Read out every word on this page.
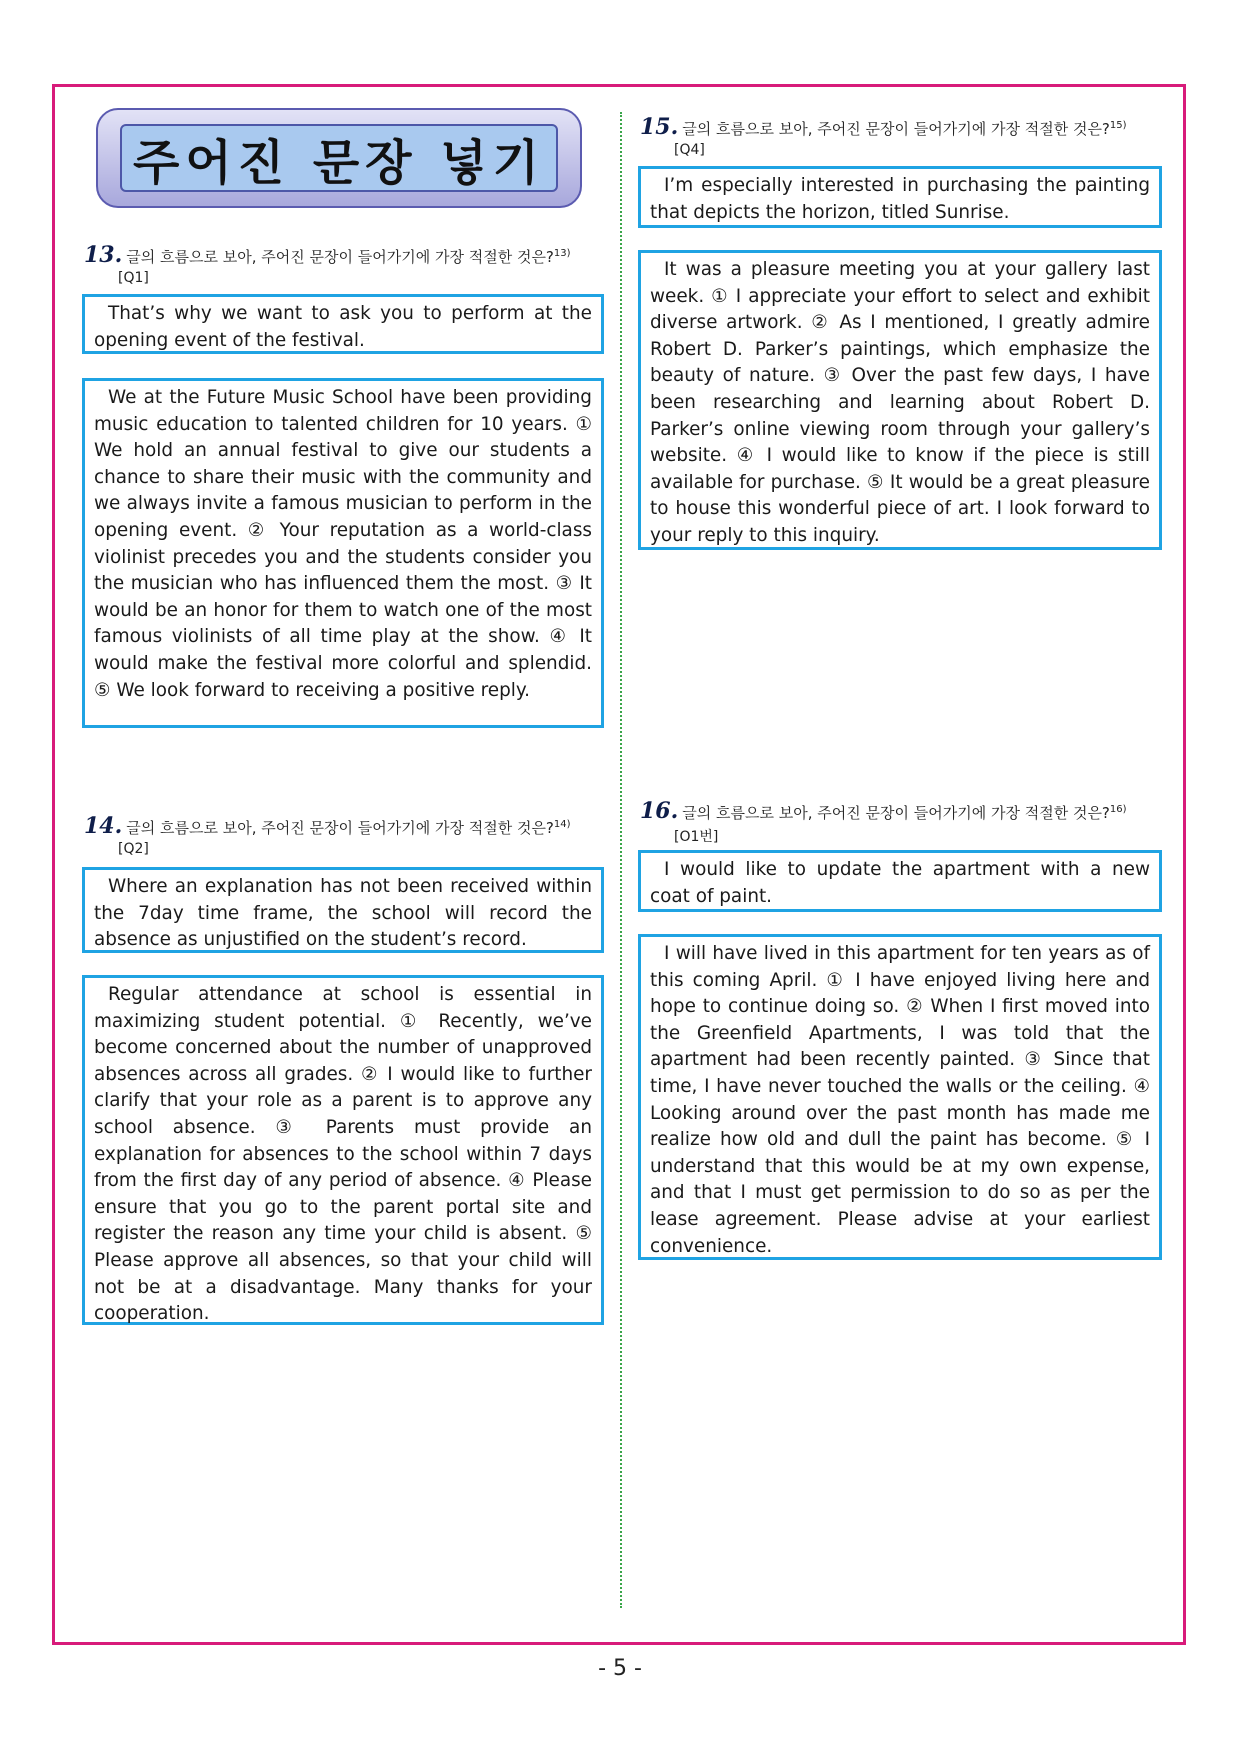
주어진 문장 넣기
13. 글의 흐름으로 보아, 주어진 문장이 들어가기에 가장 적절한 것은?$^{13)}$
[Q1]

That’s why we want to ask you to perform at the opening event of the festival.

We at the Future Music School have been providing music education to talented children for 10 years. ① We hold an annual festival to give our students a chance to share their music with the community and we always invite a famous musician to perform in the opening event. ② Your reputation as a world-class violinist precedes you and the students consider you the musician who has influenced them the most. ③ It would be an honor for them to watch one of the most famous violinists of all time play at the show. ④ It would make the festival more colorful and splendid. ⑤ We look forward to receiving a positive reply.

14. 글의 흐름으로 보아, 주어진 문장이 들어가기에 가장 적절한 것은?$^{14)}$
[Q2]

Where an explanation has not been received within the 7day time frame, the school will record the absence as unjustified on the student’s record.

Regular attendance at school is essential in maximizing student potential. ① Recently, we’ve become concerned about the number of unapproved absences across all grades. ② I would like to further clarify that your role as a parent is to approve any school absence. ③ Parents must provide an explanation for absences to the school within 7 days from the first day of any period of absence. ④ Please ensure that you go to the parent portal site and register the reason any time your child is absent. ⑤ Please approve all absences, so that your child will not be at a disadvantage. Many thanks for your cooperation.

15. 글의 흐름으로 보아, 주어진 문장이 들어가기에 가장 적절한 것은?$^{15)}$
[Q4]

I’m especially interested in purchasing the painting that depicts the horizon, titled Sunrise.

It was a pleasure meeting you at your gallery last week. ① I appreciate your effort to select and exhibit diverse artwork. ② As I mentioned, I greatly admire Robert D. Parker’s paintings, which emphasize the beauty of nature. ③ Over the past few days, I have been researching and learning about Robert D. Parker’s online viewing room through your gallery’s website. ④ I would like to know if the piece is still available for purchase. ⑤ It would be a great pleasure to house this wonderful piece of art. I look forward to your reply to this inquiry.

16. 글의 흐름으로 보아, 주어진 문장이 들어가기에 가장 적절한 것은?$^{16)}$
[O1번]

I would like to update the apartment with a new coat of paint.

I will have lived in this apartment for ten years as of this coming April. ① I have enjoyed living here and hope to continue doing so. ② When I first moved into the Greenfield Apartments, I was told that the apartment had been recently painted. ③ Since that time, I have never touched the walls or the ceiling. ④ Looking around over the past month has made me realize how old and dull the paint has become. ⑤ I understand that this would be at my own expense, and that I must get permission to do so as per the lease agreement. Please advise at your earliest convenience.

- 5 -
